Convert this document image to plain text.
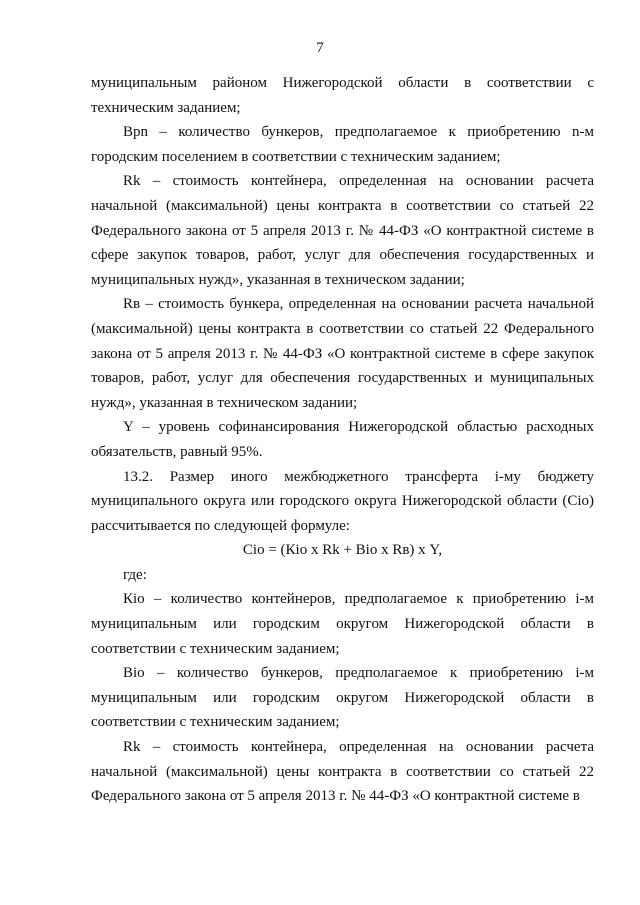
7

муниципальным районом Нижегородской области в соответствии с техническим заданием;

Вpn – количество бункеров, предполагаемое к приобретению n-м городским поселением в соответствии с техническим заданием;

Rk – стоимость контейнера, определенная на основании расчета начальной (максимальной) цены контракта в соответствии со статьей 22 Федерального закона от 5 апреля 2013 г. № 44-ФЗ «О контрактной системе в сфере закупок товаров, работ, услуг для обеспечения государственных и муниципальных нужд», указанная в техническом задании;

Rв – стоимость бункера, определенная на основании расчета начальной (максимальной) цены контракта в соответствии со статьей 22 Федерального закона от 5 апреля 2013 г. № 44-ФЗ «О контрактной системе в сфере закупок товаров, работ, услуг для обеспечения государственных и муниципальных нужд», указанная в техническом задании;

Y – уровень софинансирования Нижегородской областью расходных обязательств, равный 95%.

13.2. Размер иного межбюджетного трансферта i-му бюджету муниципального округа или городского округа Нижегородской области (Сio) рассчитывается по следующей формуле:

Сio = (Кio х Rk + Вio х Rв) х Y,

где:

Кio – количество контейнеров, предполагаемое к приобретению i-м муниципальным или городским округом Нижегородской области в соответствии с техническим заданием;

Вio – количество бункеров, предполагаемое к приобретению i-м муниципальным или городским округом Нижегородской области в соответствии с техническим заданием;

Rk – стоимость контейнера, определенная на основании расчета начальной (максимальной) цены контракта в соответствии со статьей 22 Федерального закона от 5 апреля 2013 г. № 44-ФЗ «О контрактной системе в
